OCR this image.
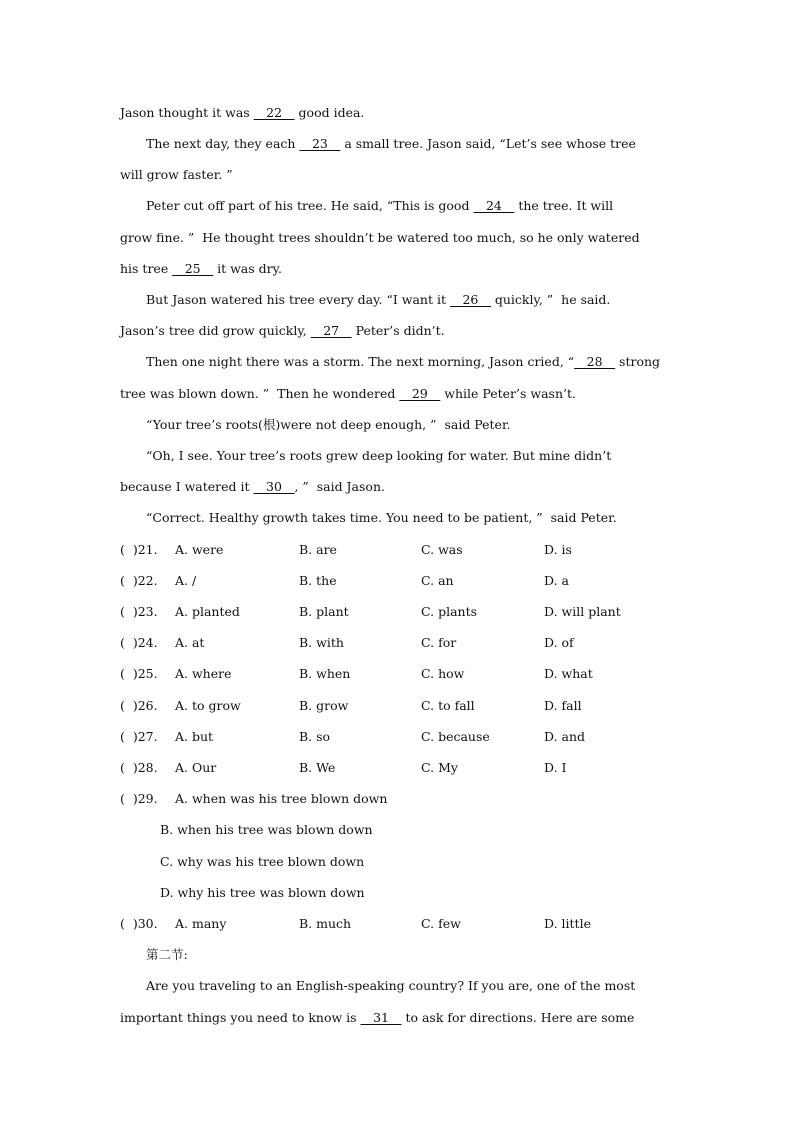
Jason thought it was __22__ good idea.
The next day, they each __23__ a small tree. Jason said, “Let’s see whose tree
will grow faster. ”
Peter cut off part of his tree. He said, “This is good __24__ the tree. It will
grow fine. ”  He thought trees shouldn’t be watered too much, so he only watered
his tree __25__ it was dry.
But Jason watered his tree every day. “I want it __26__ quickly, ”  he said.
Jason’s tree did grow quickly, __27__ Peter’s didn’t.
Then one night there was a storm. The next morning, Jason cried, “__28__ strong
tree was blown down. ”  Then he wondered __29__ while Peter’s wasn’t.
“Your tree’s roots(根)were not deep enough, ”  said Peter.
“Oh, I see. Your tree’s roots grew deep looking for water. But mine didn’t
because I watered it __30__, ”  said Jason.
“Correct. Healthy growth takes time. You need to be patient, ”  said Peter.
(  )21. A. were	B. are	C. was	D. is
(  )22. A. /	B. the	C. an	D. a
(  )23. A. planted	B. plant	C. plants	D. will plant
(  )24. A. at	B. with	C. for	D. of
(  )25. A. where	B. when	C. how	D. what
(  )26. A. to grow	B. grow	C. to fall	D. fall
(  )27. A. but	B. so	C. because	D. and
(  )28. A. Our	B. We	C. My	D. I
(  )29. A. when was his tree blown down
B. when his tree was blown down
C. why was his tree blown down
D. why his tree was blown down
(  )30. A. many	B. much	C. few	D. little
第二节:
Are you traveling to an English-speaking country? If you are, one of the most
important things you need to know is __31__ to ask for directions. Here are some
